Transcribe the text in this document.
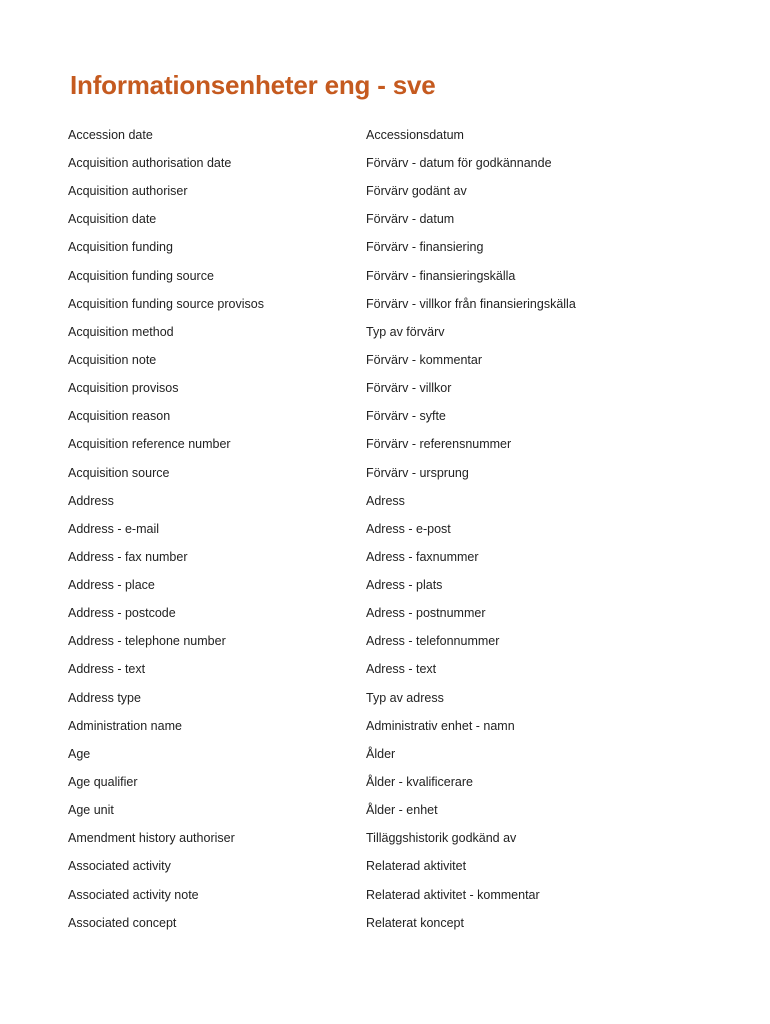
Informationsenheter eng - sve
Accession date	Accessionsdatum
Acquisition authorisation date	Förvärv - datum för godkännande
Acquisition authoriser	Förvärv godänt av
Acquisition date	Förvärv - datum
Acquisition funding	Förvärv - finansiering
Acquisition funding source	Förvärv - finansieringskälla
Acquisition funding source provisos	Förvärv - villkor från finansieringskälla
Acquisition method	Typ av förvärv
Acquisition note	Förvärv - kommentar
Acquisition provisos	Förvärv - villkor
Acquisition reason	Förvärv - syfte
Acquisition reference number	Förvärv - referensnummer
Acquisition source	Förvärv - ursprung
Address	Adress
Address - e-mail	Adress - e-post
Address - fax number	Adress - faxnummer
Address - place	Adress - plats
Address - postcode	Adress - postnummer
Address - telephone number	Adress - telefonnummer
Address - text	Adress - text
Address type	Typ av adress
Administration name	Administrativ enhet - namn
Age	Ålder
Age qualifier	Ålder - kvalificerare
Age unit	Ålder - enhet
Amendment history authoriser	Tilläggshistorik godkänd av
Associated activity	Relaterad aktivitet
Associated activity note	Relaterad aktivitet - kommentar
Associated concept	Relaterat koncept
